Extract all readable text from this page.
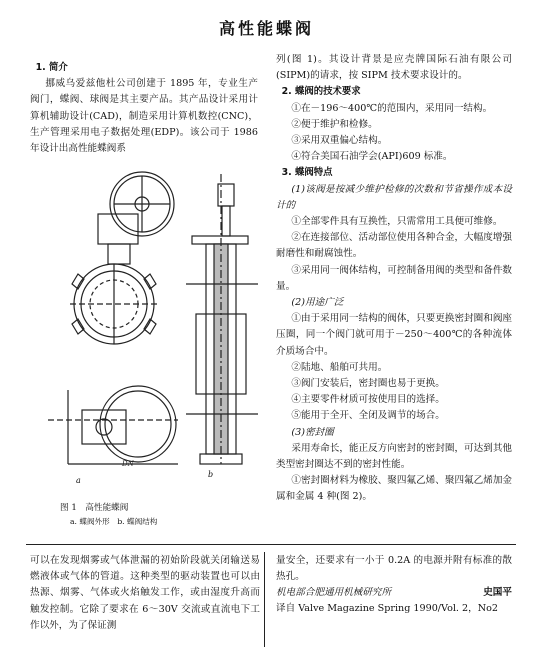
高性能蝶阀
1. 简介

挪威乌爱兹他杜公司创建于 1895 年，专业生产阀门，蝶阀、球阀是其主要产品。其产品设计采用计算机辅助设计(CAD)，制造采用计算机数控(CNC)，生产管理采用电子数据处理(EDP)。该公司于 1986 年设计出高性能蝶阀系

DN
a
b
图 1　高性能蝶阀
a. 蝶阀外形　b. 蝶阀结构

列(图 1)。其设计背景是应壳牌国际石油有限公司(SIPM)的请求，按 SIPM 技术要求设计的。

2. 蝶阀的技术要求

①在－196～400℃的范围内，采用同一结构。

②便于维护和检修。

③采用双重偏心结构。

④符合美国石油学会(API)609 标准。

3. 蝶阀特点

(1)该阀是按减少维护检修的次数和节省操作成本设计的

①全部零件具有互换性，只需常用工具便可维修。

②在连接部位、活动部位使用各种合金，大幅度增强耐磨性和耐腐蚀性。

③采用同一阀体结构，可控制备用阀的类型和备件数量。

(2)用途广泛

①由于采用同一结构的阀体，只要更换密封圈和阀座压圈，同一个阀门就可用于－250～400℃的各种流体介质场合中。

②陆地、船舶可共用。

③阀门安装后，密封圈也易于更换。

④主要零件材质可按使用目的选择。

⑤能用于全开、全闭及调节的场合。

(3)密封圈

采用寿命长，能正反方向密封的密封圈，可达到其他类型密封圈达不到的密封性能。

①密封圈材料为橡胶、聚四氟乙烯、聚四氟乙烯加金属和金属 4 种(图 2)。

可以在发现烟雾或气体泄漏的初始阶段就关闭输送易燃液体或气体的管道。这种类型的驱动装置也可以由热源、烟雾、气体或火焰触发工作，或由湿度升高而触发控制。它除了要求在 6～30V 交流或直流电下工作以外，为了保证测

量安全，还要求有一小于 0.2A 的电源并附有标准的散热孔。

机电部合肥通用机械研究所	史国平
译自 Valve Magazine Spring 1990/Vol. 2，No2
